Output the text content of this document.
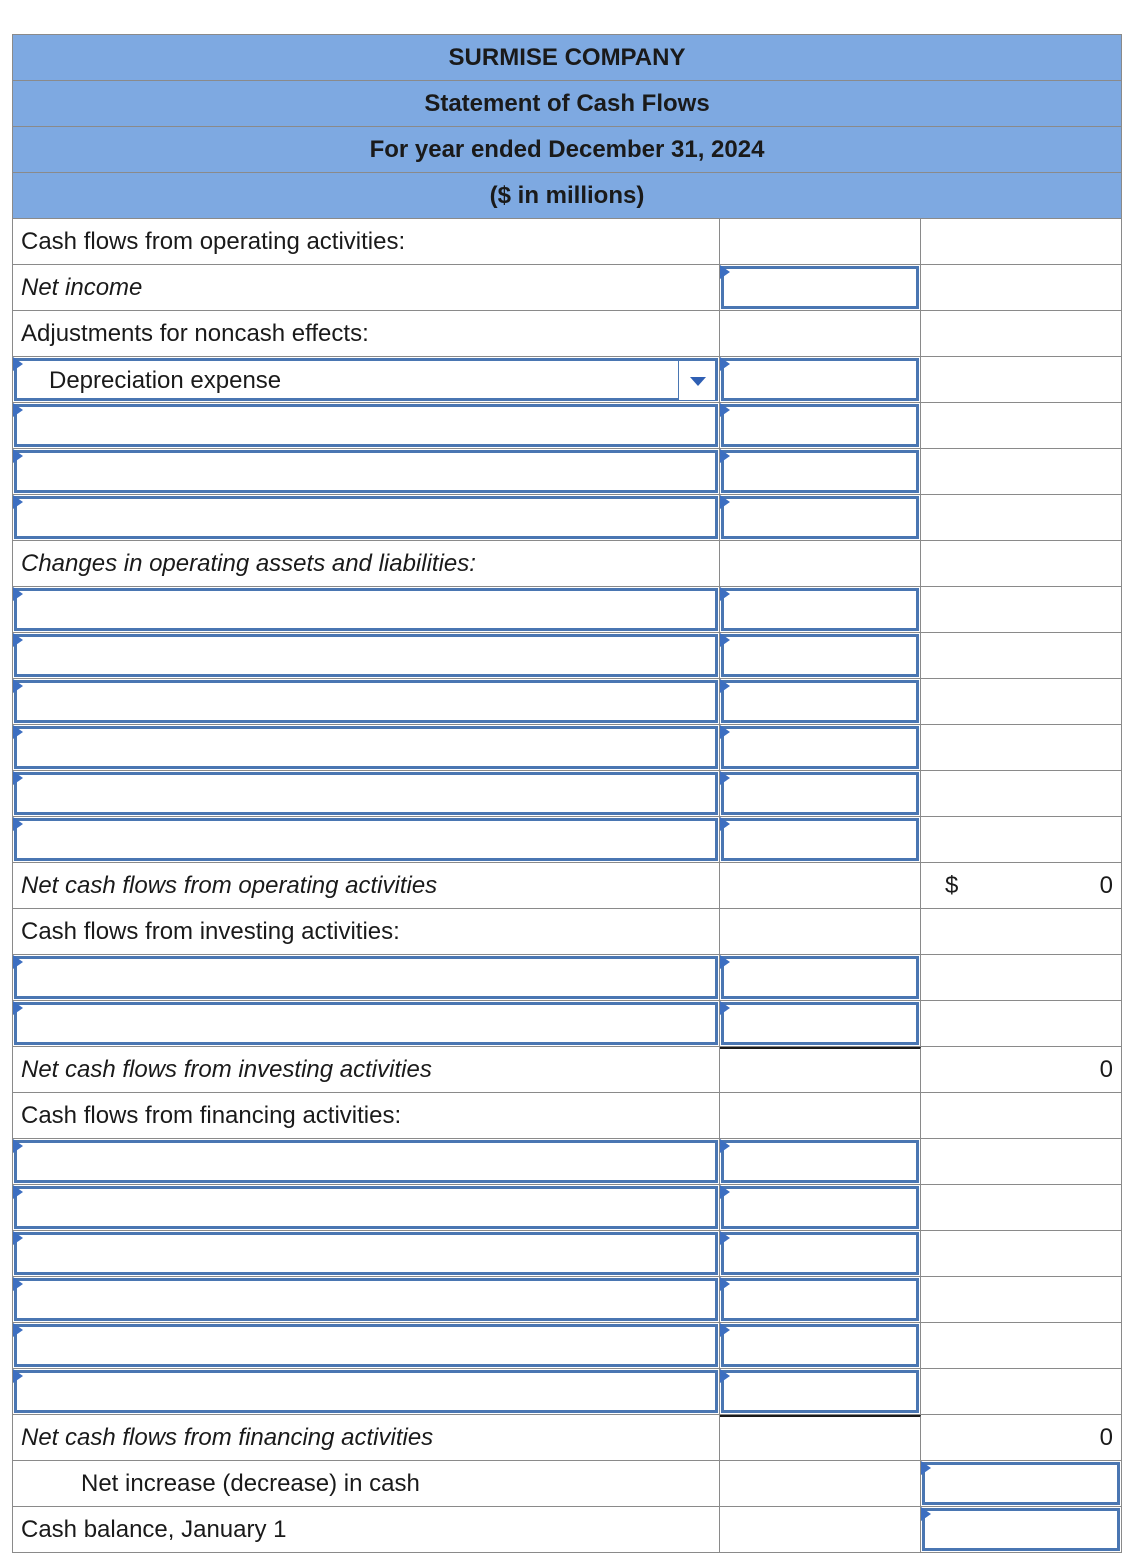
SURMISE COMPANY
Statement of Cash Flows
For year ended December 31, 2024
($ in millions)
Cash flows from operating activities:
Net income
Adjustments for noncash effects:
Depreciation expense
Changes in operating assets and liabilities:
Net cash flows from operating activities	$	0
Cash flows from investing activities:
Net cash flows from investing activities	0
Cash flows from financing activities:
Net cash flows from financing activities	0
Net increase (decrease) in cash
Cash balance, January 1
